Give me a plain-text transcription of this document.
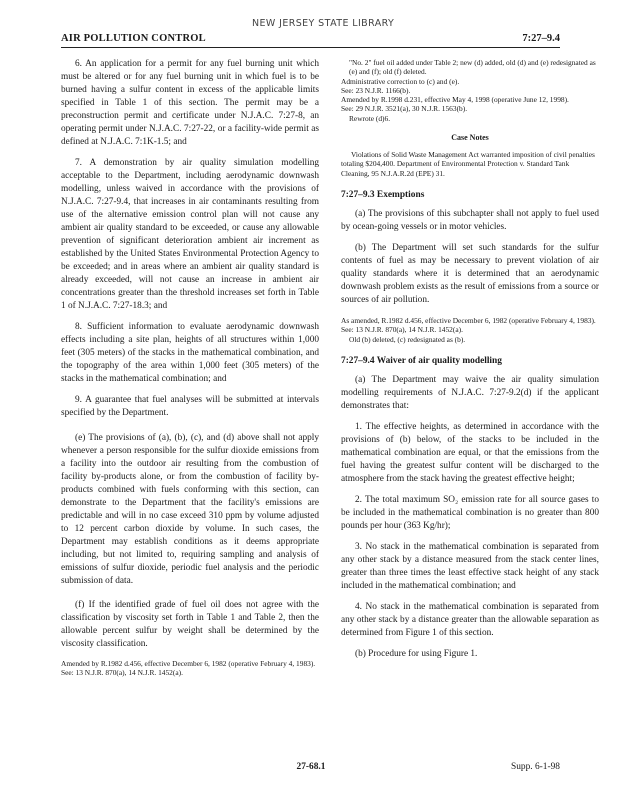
NEW JERSEY STATE LIBRARY
AIR POLLUTION CONTROL	7:27–9.4

6. An application for a permit for any fuel burning unit which must be altered or for any fuel burning unit in which fuel is to be burned having a sulfur content in excess of the applicable limits specified in Table 1 of this section. The permit may be a preconstruction permit and certificate under N.J.A.C. 7:27-8, an operating permit under N.J.A.C. 7:27-22, or a facility-wide permit as defined at N.J.A.C. 7:1K-1.5; and

7. A demonstration by air quality simulation modelling acceptable to the Department, including aerodynamic downwash modelling, unless waived in accordance with the provisions of N.J.A.C. 7:27-9.4, that increases in air contaminants resulting from use of the alternative emission control plan will not cause any ambient air quality standard to be exceeded, or cause any allowable prevention of significant deterioration ambient air increment as established by the United States Environmental Protection Agency to be exceeded; and in areas where an ambient air quality standard is already exceeded, will not cause an increase in ambient air concentrations greater than the threshold increases set forth in Table 1 of N.J.A.C. 7:27-18.3; and

8. Sufficient information to evaluate aerodynamic downwash effects including a site plan, heights of all structures within 1,000 feet (305 meters) of the stacks in the mathematical combination, and the topography of the area within 1,000 feet (305 meters) of the stacks in the mathematical combination; and

9. A guarantee that fuel analyses will be submitted at intervals specified by the Department.

(e) The provisions of (a), (b), (c), and (d) above shall not apply whenever a person responsible for the sulfur dioxide emissions from a facility into the outdoor air resulting from the combustion of facility by-products alone, or from the combustion of facility by-products combined with fuels conforming with this section, can demonstrate to the Department that the facility's emissions are predictable and will in no case exceed 310 ppm by volume adjusted to 12 percent carbon dioxide by volume. In such cases, the Department may establish conditions as it deems appropriate including, but not limited to, requiring sampling and analysis of emissions of sulfur dioxide, periodic fuel analysis and the periodic submission of data.

(f) If the identified grade of fuel oil does not agree with the classification by viscosity set forth in Table 1 and Table 2, then the allowable percent sulfur by weight shall be determined by the viscosity classification.

Amended by R.1982 d.456, effective December 6, 1982 (operative February 4, 1983).

See: 13 N.J.R. 870(a), 14 N.J.R. 1452(a).

"No. 2" fuel oil added under Table 2; new (d) added, old (d) and (e) redesignated as (e) and (f); old (f) deleted.

Administrative correction to (c) and (e).

See: 23 N.J.R. 1166(b).

Amended by R.1998 d.231, effective May 4, 1998 (operative June 12, 1998).

See: 29 N.J.R. 3521(a), 30 N.J.R. 1563(b).

Rewrote (d)6.

Case Notes

Violations of Solid Waste Management Act warranted imposition of civil penalties totaling $204,400. Department of Environmental Protection v. Standard Tank Cleaning, 95 N.J.A.R.2d (EPE) 31.

7:27–9.3 Exemptions

(a) The provisions of this subchapter shall not apply to fuel used by ocean-going vessels or in motor vehicles.

(b) The Department will set such standards for the sulfur contents of fuel as may be necessary to prevent violation of air quality standards where it is determined that an aerodynamic downwash problem exists as the result of emissions from a source or sources of air pollution.

As amended, R.1982 d.456, effective December 6, 1982 (operative February 4, 1983).

See: 13 N.J.R. 870(a), 14 N.J.R. 1452(a).

Old (b) deleted, (c) redesignated as (b).

7:27–9.4 Waiver of air quality modelling

(a) The Department may waive the air quality simulation modelling requirements of N.J.A.C. 7:27-9.2(d) if the applicant demonstrates that:

1. The effective heights, as determined in accordance with the provisions of (b) below, of the stacks to be included in the mathematical combination are equal, or that the emissions from the fuel having the greatest sulfur content will be discharged to the atmosphere from the stack having the greatest effective height;

2. The total maximum SO₂ emission rate for all source gases to be included in the mathematical combination is no greater than 800 pounds per hour (363 Kg/hr);

3. No stack in the mathematical combination is separated from any other stack by a distance measured from the stack center lines, greater than three times the least effective stack height of any stack included in the mathematical combination; and

4. No stack in the mathematical combination is separated from any other stack by a distance greater than the allowable separation as determined from Figure 1 of this section.

(b) Procedure for using Figure 1.

27-68.1	Supp. 6-1-98
